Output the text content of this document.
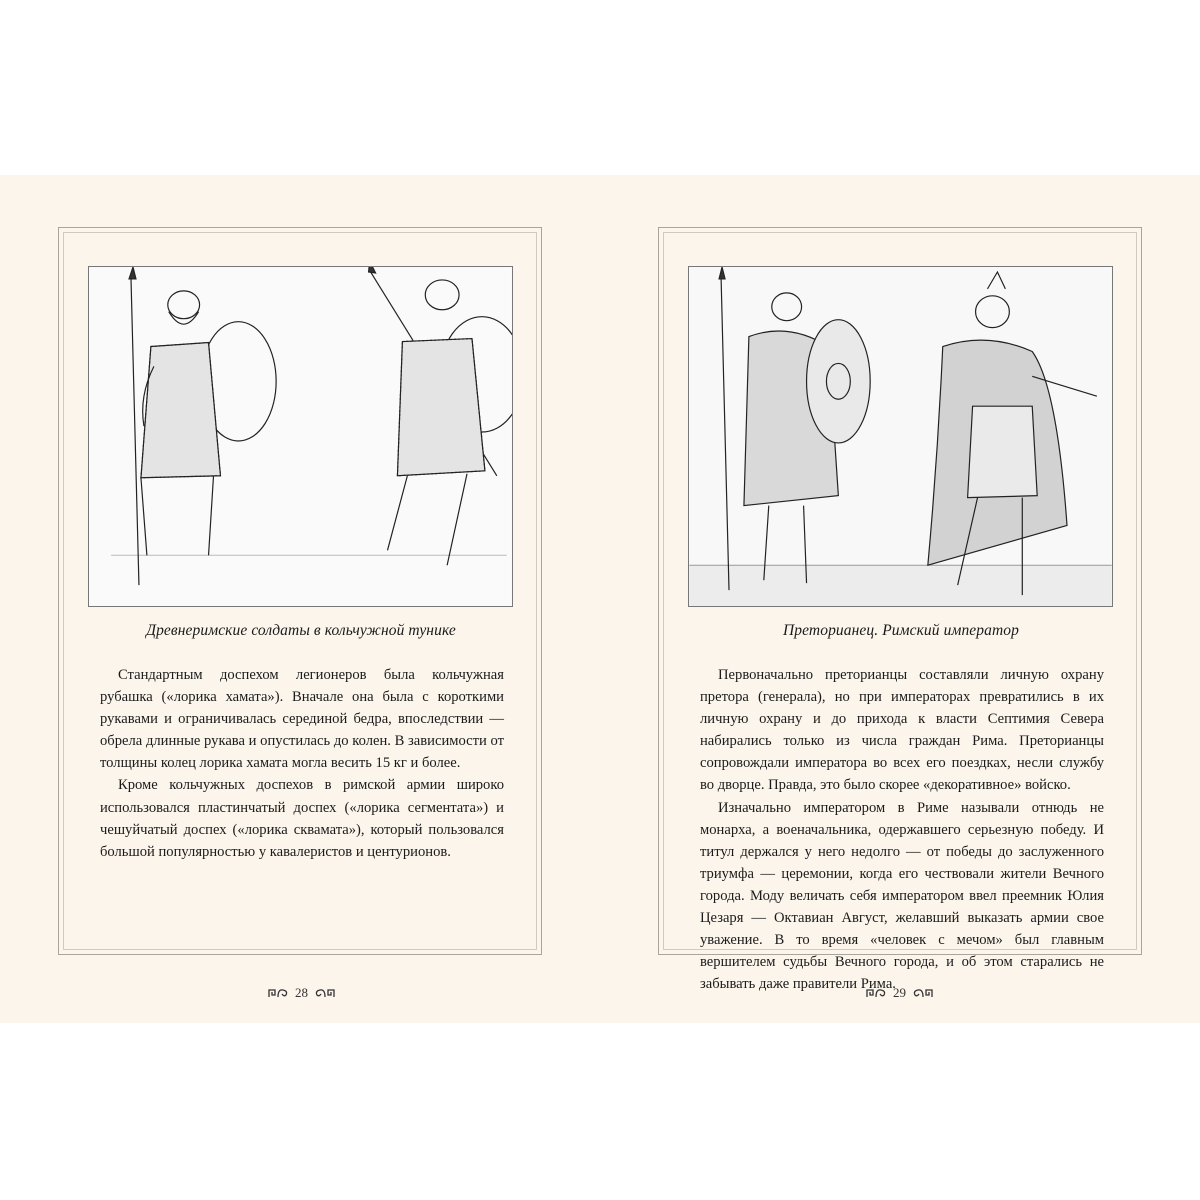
Древнеримские солдаты в кольчужной тунике

Стандартным доспехом легионеров была кольчужная рубашка («лорика хамата»). Вначале она была с короткими рукавами и ограничивалась серединой бедра, впоследствии — обрела длинные рукава и опустилась до колен. В зависимости от толщины колец лорика хамата могла весить 15 кг и более.

Кроме кольчужных доспехов в римской армии широко использовался пластинчатый доспех («лорика сегментата») и чешуйчатый доспех («лорика сквамата»), который пользовался большой популярностью у кавалеристов и центурионов.

Преторианец. Римский император

Первоначально преторианцы составляли личную охрану претора (генерала), но при императорах превратились в их личную охрану и до прихода к власти Септимия Севера набирались только из числа граждан Рима. Преторианцы сопровождали императора во всех его поездках, несли службу во дворце. Правда, это было скорее «декоративное» войско.

Изначально императором в Риме называли отнюдь не монарха, а военачальника, одержавшего серьезную победу. И титул держался у него недолго — от победы до заслуженного триумфа — церемонии, когда его чествовали жители Вечного города. Моду величать себя императором ввел преемник Юлия Цезаря — Октавиан Август, желавший выказать армии свое уважение. В то время «человек с мечом» был главным вершителем судьбы Вечного города, и об этом старались не забывать даже правители Рима.

28	29
